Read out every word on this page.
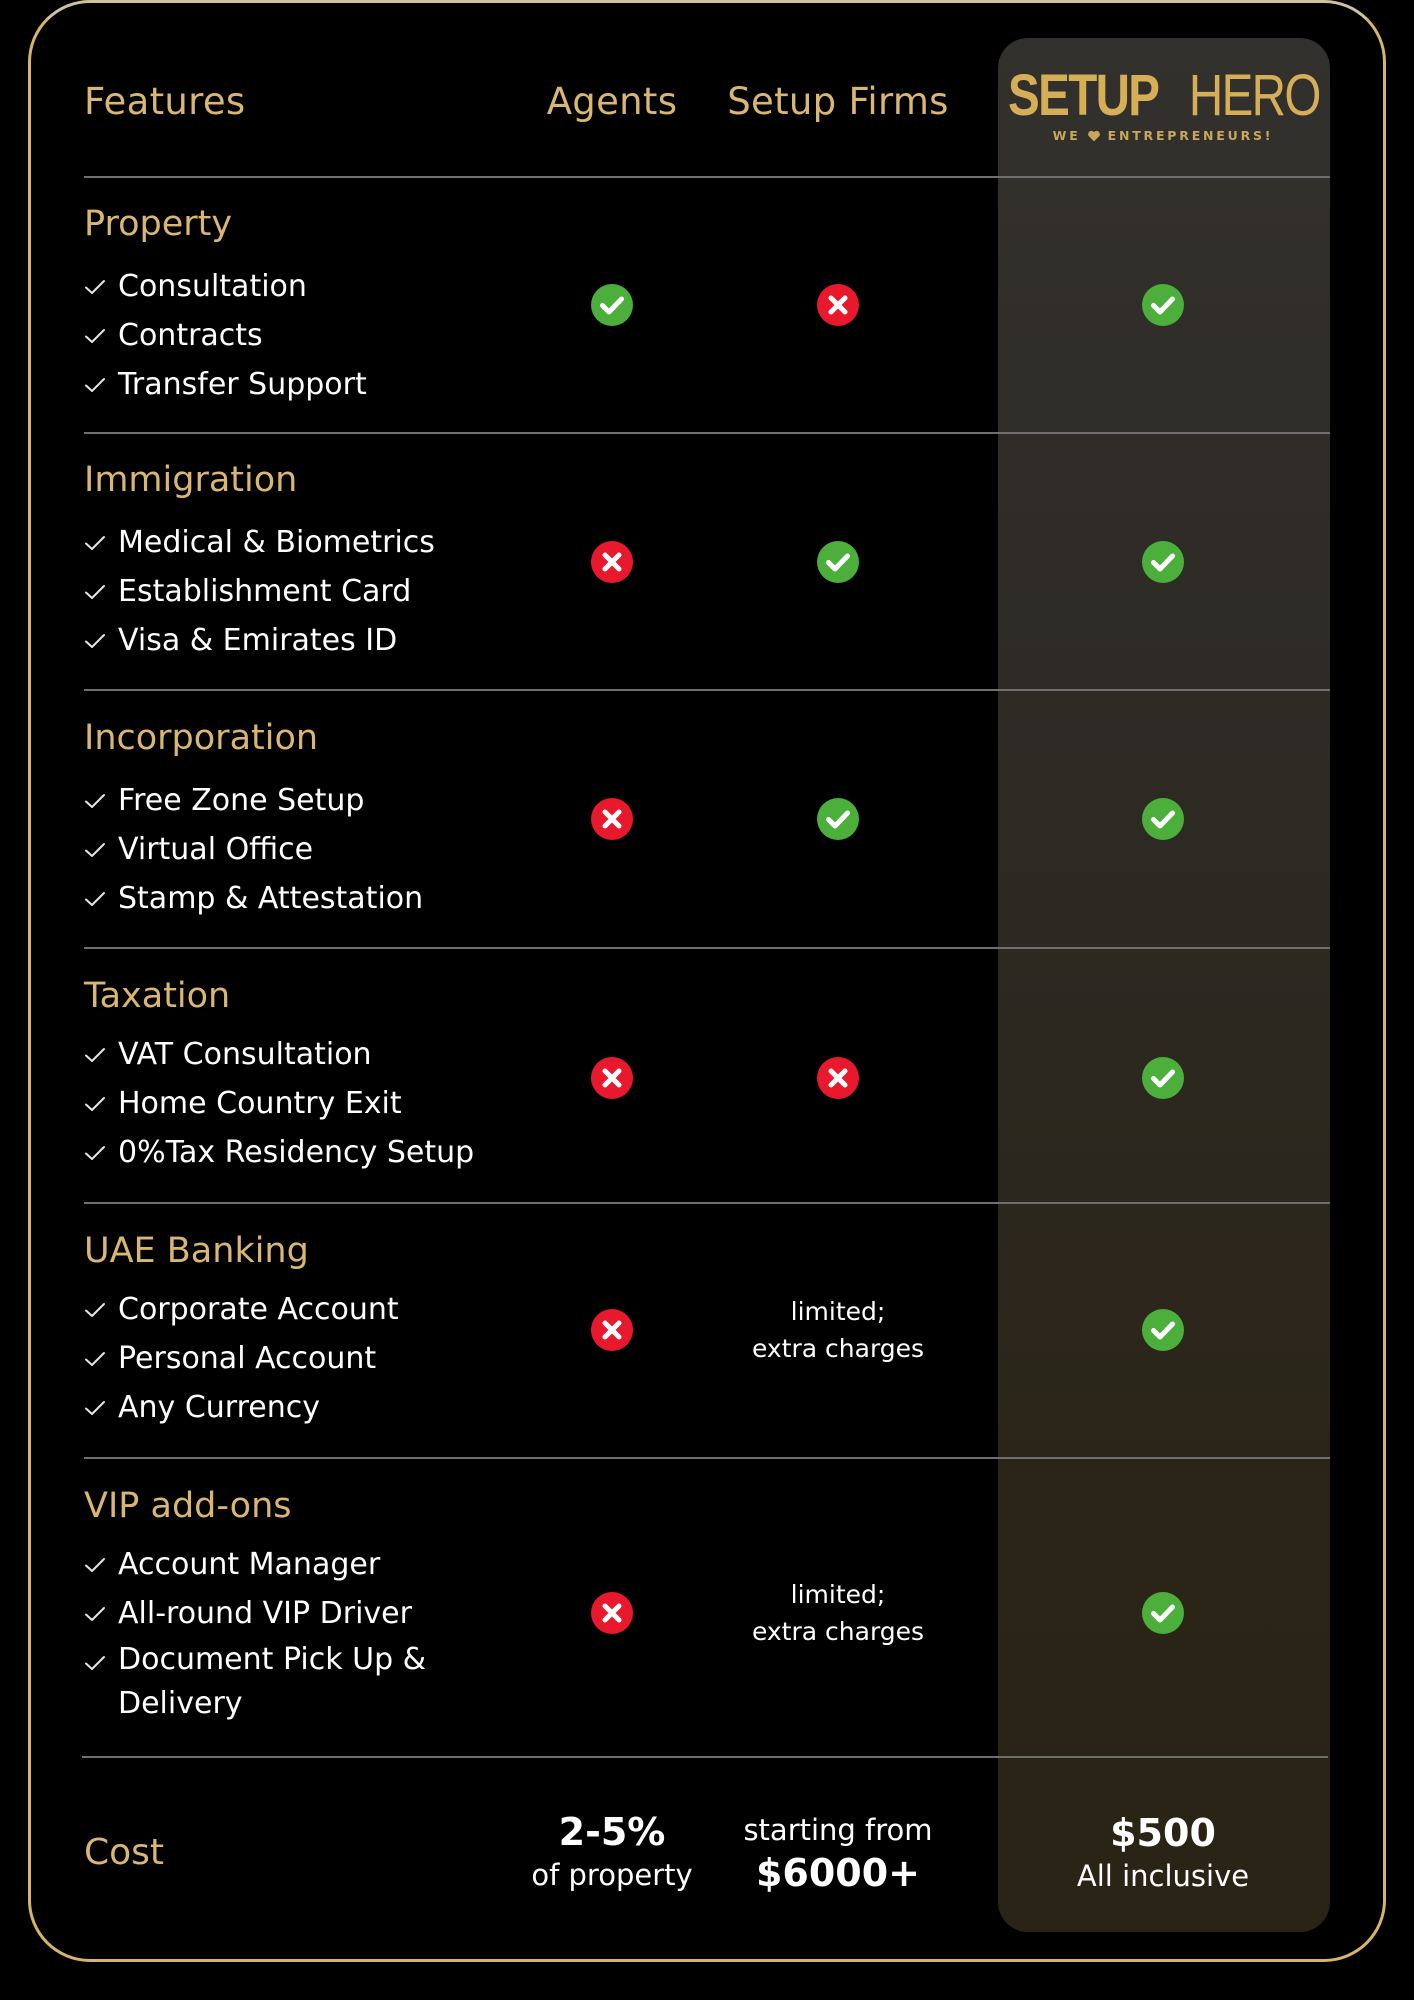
Features	Agents Setup Firms SETUP HERO
WE ENTREPRENEURS!
Property
Consultation
Contracts
Transfer Support
Immigration
Medical & Biometrics
Establishment Card
Visa & Emirates ID
Incorporation
Free Zone Setup
Virtual Office
Stamp & Attestation
Taxation
VAT Consultation
Home Country Exit
0%Tax Residency Setup
UAE Banking
Corporate Account
Personal Account
Any Currency
limited;
extra charges
VIP add-ons
Account Manager
All-round VIP Driver
Document Pick Up & Delivery
limited;
extra charges
Cost	2-5%
of property
starting from
$6000+
$500
All inclusive
